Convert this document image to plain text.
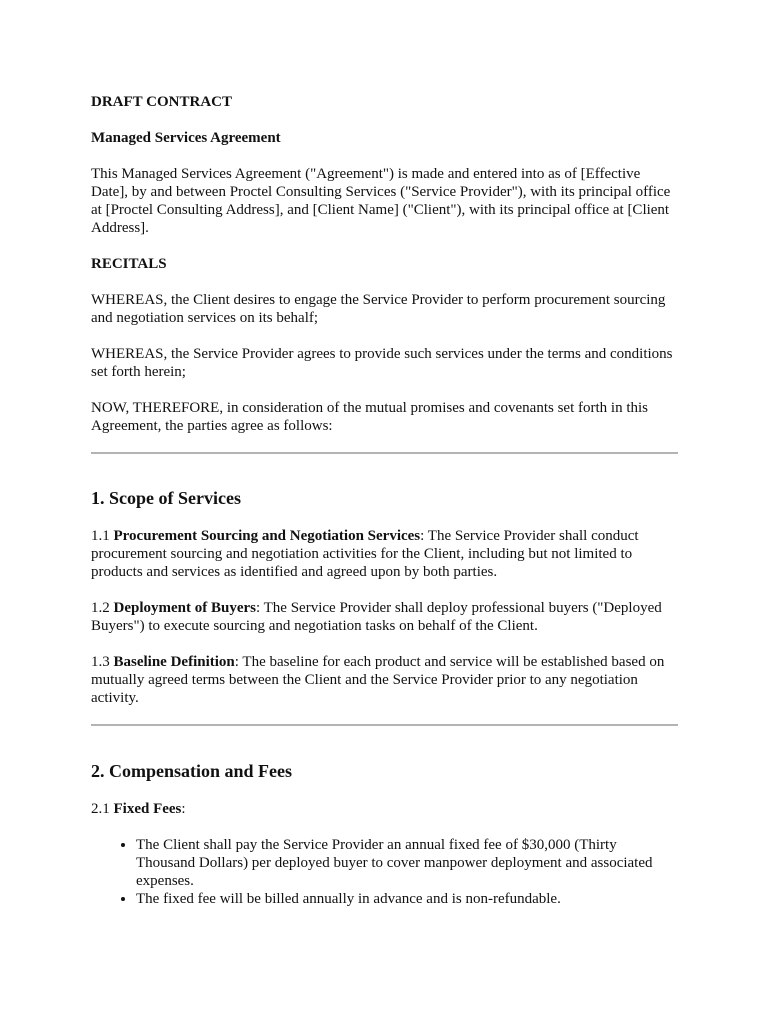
DRAFT CONTRACT

Managed Services Agreement

This Managed Services Agreement ("Agreement") is made and entered into as of [Effective Date], by and between Proctel Consulting Services ("Service Provider"), with its principal office at [Proctel Consulting Address], and [Client Name] ("Client"), with its principal office at [Client Address].

RECITALS

WHEREAS, the Client desires to engage the Service Provider to perform procurement sourcing and negotiation services on its behalf;

WHEREAS, the Service Provider agrees to provide such services under the terms and conditions set forth herein;

NOW, THEREFORE, in consideration of the mutual promises and covenants set forth in this Agreement, the parties agree as follows:

1. Scope of Services

1.1 Procurement Sourcing and Negotiation Services: The Service Provider shall conduct procurement sourcing and negotiation activities for the Client, including but not limited to products and services as identified and agreed upon by both parties.

1.2 Deployment of Buyers: The Service Provider shall deploy professional buyers ("Deployed Buyers") to execute sourcing and negotiation tasks on behalf of the Client.

1.3 Baseline Definition: The baseline for each product and service will be established based on mutually agreed terms between the Client and the Service Provider prior to any negotiation activity.

2. Compensation and Fees

2.1 Fixed Fees:

• The Client shall pay the Service Provider an annual fixed fee of $30,000 (Thirty Thousand Dollars) per deployed buyer to cover manpower deployment and associated expenses.
• The fixed fee will be billed annually in advance and is non-refundable.
